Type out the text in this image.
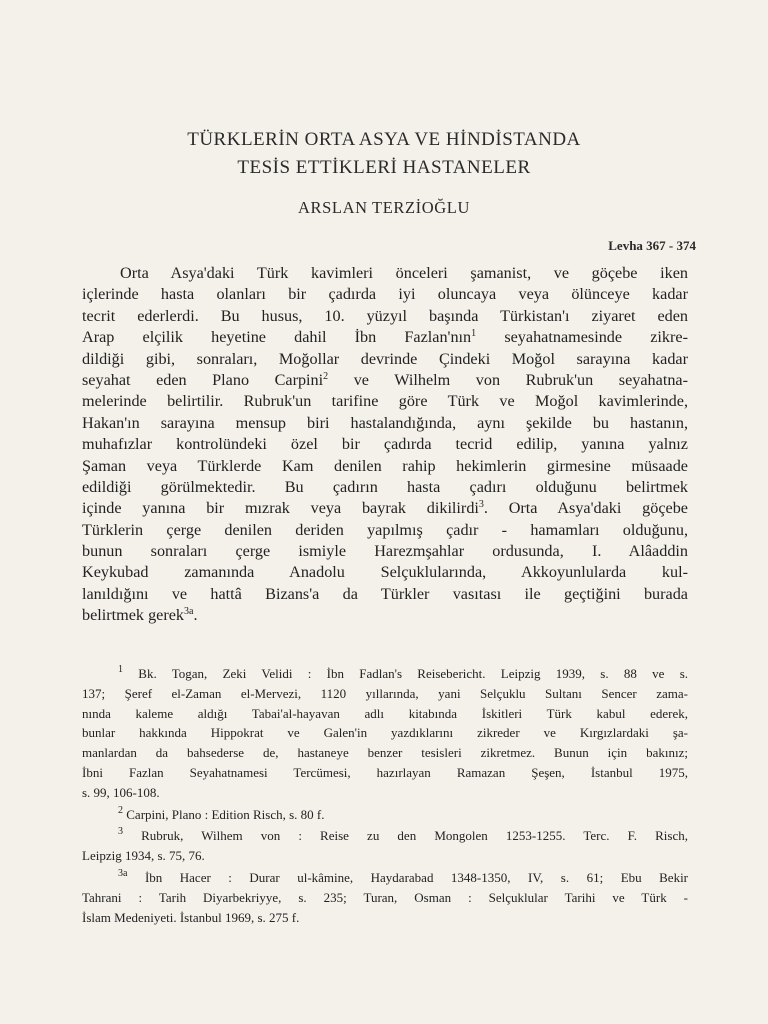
TÜRKLERİN ORTA ASYA VE HİNDİSTANDA
TESİS ETTİKLERİ HASTANELER
ARSLAN TERZİOĞLU
Levha 367 - 374
Orta Asya'daki Türk kavimleri önceleri şamanist, ve göçebe iken
içlerinde hasta olanları bir çadırda iyi oluncaya veya ölünceye kadar
tecrit ederlerdi. Bu husus, 10. yüzyıl başında Türkistan'ı ziyaret eden
Arap elçilik heyetine dahil İbn Fazlan'nın$^1$ seyahatnamesinde zikre-
dildiği gibi, sonraları, Moğollar devrinde Çindeki Moğol sarayına kadar
seyahat eden Plano Carpini$^2$ ve Wilhelm von Rubruk'un seyahatna-
melerinde belirtilir. Rubruk'un tarifine göre Türk ve Moğol kavimlerinde,
Hakan'ın sarayına mensup biri hastalandığında, aynı şekilde bu hastanın,
muhafızlar kontrolündeki özel bir çadırda tecrid edilip, yanına yalnız
Şaman veya Türklerde Kam denilen rahip hekimlerin girmesine müsaade
edildiği görülmektedir. Bu çadırın hasta çadırı olduğunu belirtmek
içinde yanına bir mızrak veya bayrak dikilirdi$^3$. Orta Asya'daki göçebe
Türklerin çerge denilen deriden yapılmış çadır - hamamları olduğunu,
bunun sonraları çerge ismiyle Harezmşahlar ordusunda, I. Alâaddin
Keykubad zamanında Anadolu Selçuklularında, Akkoyunlularda kul-
lanıldığını ve hattâ Bizans'a da Türkler vasıtası ile geçtiğini burada
belirtmek gerek$^{3a}$.
$^1$ Bk. Togan, Zeki Velidi : İbn Fadlan's Reisebericht. Leipzig 1939, s. 88 ve s.
137; Şeref el-Zaman el-Mervezi, 1120 yıllarında, yani Selçuklu Sultanı Sencer zama-
nında kaleme aldığı Tabai'al-hayavan adlı kitabında İskitleri Türk kabul ederek,
bunlar hakkında Hippokrat ve Galen'in yazdıklarını zikreder ve Kırgızlardaki şa-
manlardan da bahsederse de, hastaneye benzer tesisleri zikretmez. Bunun için bakınız;
İbni Fazlan Seyahatnamesi Tercümesi, hazırlayan Ramazan Şeşen, İstanbul 1975,
s. 99, 106-108.
$^2$ Carpini, Plano : Edition Risch, s. 80 f.
$^3$ Rubruk, Wilhem von : Reise zu den Mongolen 1253-1255. Terc. F. Risch,
Leipzig 1934, s. 75, 76.
$^{3a}$ İbn Hacer : Durar ul-kâmine, Haydarabad 1348-1350, IV, s. 61; Ebu Bekir
Tahrani : Tarih Diyarbekriyye, s. 235; Turan, Osman : Selçuklular Tarihi ve Türk -
İslam Medeniyeti. İstanbul 1969, s. 275 f.
